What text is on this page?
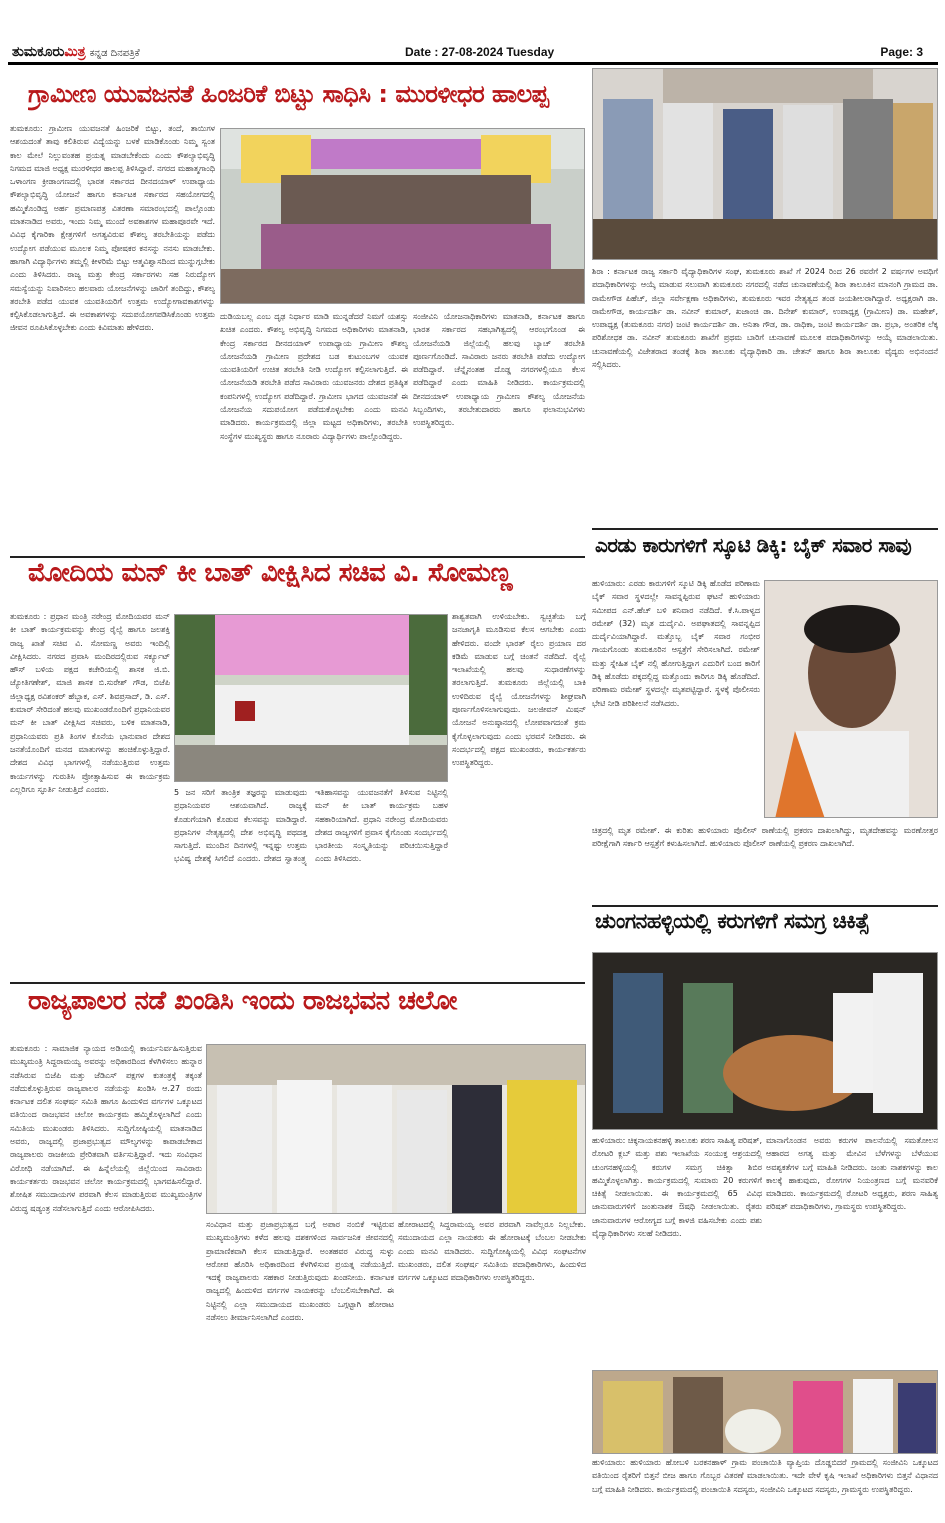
ತುಮಕೂರುಮಿತ್ರ ಕನ್ನಡ ದಿನಪತ್ರಿಕೆ	Date : 27-08-2024 Tuesday	Page: 3
ಗ್ರಾಮೀಣ ಯುವಜನತೆ ಹಿಂಜರಿಕೆ ಬಿಟ್ಟು ಸಾಧಿಸಿ : ಮುರಳೀಧರ ಹಾಲಪ್ಪ
ತುಮಕೂರು: ಗ್ರಾಮೀಣ ಯುವಜನತೆ ಹಿಂಜರಿಕೆ ಬಿಟ್ಟು, ತಂದೆ, ತಾಯಿಗಳ ಆಶಯದಂತೆ ತಾವು ಕಲಿತಿರುವ ವಿದ್ಯೆಯನ್ನು ಬಳಕೆ ಮಾಡಿಕೊಂಡು ನಿಮ್ಮ ಸ್ವಂತ ಕಾಲ ಮೇಲೆ ನಿಲ್ಲುವಂತಹ ಪ್ರಯತ್ನ ಮಾಡಬೇಕೆಂದು ಎಂದು ಕೌಶಲ್ಯಾಭಿವೃದ್ಧಿ ನಿಗಮದ ಮಾಜಿ ಅಧ್ಯಕ್ಷ ಮುರಳೀಧರ ಹಾಲಪ್ಪ ತಿಳಿಸಿದ್ದಾರೆ. ನಗರದ ಮಹಾತ್ಮಗಾಂಧಿ ಒಳಾಂಗಣ ಕ್ರೀಡಾಂಗಣದಲ್ಲಿ ಭಾರತ ಸರ್ಕಾರದ ದೀನದಯಾಳ್ ಉಪಾಧ್ಯಾಯ ಕೌಶಲ್ಯಾಭಿವೃದ್ಧಿ ಯೋಜನೆ ಹಾಗೂ ಕರ್ನಾಟಕ ಸರ್ಕಾರದ ಸಹಯೋಗದಲ್ಲಿ ಹಮ್ಮಿಕೊಂಡಿದ್ದ ಅರ್ಹ ಪ್ರಮಾಣಪತ್ರ ವಿತರಣಾ ಸಮಾರಂಭದಲ್ಲಿ ಪಾಲ್ಗೊಂಡು ಮಾತನಾಡಿದ ಅವರು, ಇಂದು ನಿಮ್ಮ ಮುಂದೆ ಅವಕಾಶಗಳ ಮಹಾಪೂರವೇ ಇದೆ. ವಿವಿಧ ಕೈಗಾರಿಕಾ ಕ್ಷೇತ್ರಗಳಿಗೆ ಅಗತ್ಯವಿರುವ ಕೌಶಲ್ಯ ತರಬೇತಿಯನ್ನು ಪಡೆದು ಉದ್ಯೋಗ ಪಡೆಯುವ ಮೂಲಕ ನಿಮ್ಮ ಪೋಷಕರ ಕನಸನ್ನು ನನಸು ಮಾಡಬೇಕು. ಹಾಗಾಗಿ ವಿದ್ಯಾರ್ಥಿಗಳು ತಮ್ಮಲ್ಲಿ ಕೀಳರಿಮೆ ಬಿಟ್ಟು ಆತ್ಮವಿಶ್ವಾಸದಿಂದ ಮುನ್ನುಗ್ಗಬೇಕು ಎಂದು ತಿಳಿಸಿದರು. ರಾಜ್ಯ ಮತ್ತು ಕೇಂದ್ರ ಸರ್ಕಾರಗಳು ಸಹ ನಿರುದ್ಯೋಗ ಸಮಸ್ಯೆಯನ್ನು ನಿವಾರಿಸಲು ಹಲವಾರು ಯೋಜನೆಗಳನ್ನು ಜಾರಿಗೆ ತಂದಿದ್ದು, ಕೌಶಲ್ಯ ತರಬೇತಿ ಪಡೆದ ಯುವಕ ಯುವತಿಯರಿಗೆ ಉತ್ತಮ ಉದ್ಯೋಗಾವಕಾಶಗಳನ್ನು ಕಲ್ಪಿಸಿಕೊಡಲಾಗುತ್ತಿದೆ. ಈ ಅವಕಾಶಗಳನ್ನು ಸದುಪಯೋಗಪಡಿಸಿಕೊಂಡು ಉತ್ತಮ ಜೀವನ ರೂಪಿಸಿಕೊಳ್ಳಬೇಕು ಎಂದು ಕಿವಿಮಾತು ಹೇಳಿದರು.
ದುಡಿಯಬಲ್ಲ ಎಂಬ ದೃಢ ನಿರ್ಧಾರ ಮಾಡಿ ಮುನ್ನಡೆದರೆ ನಿಮಗೆ ಯಶಸ್ಸು ಖಚಿತ ಎಂದರು. ಕೌಶಲ್ಯ ಅಭಿವೃದ್ಧಿ ನಿಗಮದ ಅಧಿಕಾರಿಗಳು ಮಾತನಾಡಿ, ಕೇಂದ್ರ ಸರ್ಕಾರದ ದೀನದಯಾಳ್ ಉಪಾಧ್ಯಾಯ ಗ್ರಾಮೀಣ ಕೌಶಲ್ಯ ಯೋಜನೆಯಡಿ ಗ್ರಾಮೀಣ ಪ್ರದೇಶದ ಬಡ ಕುಟುಂಬಗಳ ಯುವಕ ಯುವತಿಯರಿಗೆ ಉಚಿತ ತರಬೇತಿ ನೀಡಿ ಉದ್ಯೋಗ ಕಲ್ಪಿಸಲಾಗುತ್ತಿದೆ. ಈ ಯೋಜನೆಯಡಿ ತರಬೇತಿ ಪಡೆದ ಸಾವಿರಾರು ಯುವಜನರು ದೇಶದ ಪ್ರತಿಷ್ಠಿತ ಕಂಪನಿಗಳಲ್ಲಿ ಉದ್ಯೋಗ ಪಡೆದಿದ್ದಾರೆ. ಗ್ರಾಮೀಣ ಭಾಗದ ಯುವಜನತೆ ಈ ಯೋಜನೆಯ ಸದುಪಯೋಗ ಪಡೆದುಕೊಳ್ಳಬೇಕು ಎಂದು ಮನವಿ ಮಾಡಿದರು. ಕಾರ್ಯಕ್ರಮದಲ್ಲಿ ಜಿಲ್ಲಾ ಮಟ್ಟದ ಅಧಿಕಾರಿಗಳು, ತರಬೇತಿ ಸಂಸ್ಥೆಗಳ ಮುಖ್ಯಸ್ಥರು ಹಾಗೂ ನೂರಾರು ವಿದ್ಯಾರ್ಥಿಗಳು ಪಾಲ್ಗೊಂಡಿದ್ದರು.
ಸಂಜೀವಿನಿ ಯೋಜನಾಧಿಕಾರಿಗಳು ಮಾತನಾಡಿ, ಕರ್ನಾಟಕ ಹಾಗೂ ಭಾರತ ಸರ್ಕಾರದ ಸಹಭಾಗಿತ್ವದಲ್ಲಿ ಆರಂಭಗೊಂಡ ಈ ಯೋಜನೆಯಡಿ ಜಿಲ್ಲೆಯಲ್ಲಿ ಹಲವು ಬ್ಯಾಚ್ ತರಬೇತಿ ಪೂರ್ಣಗೊಂಡಿದೆ. ಸಾವಿರಾರು ಜನರು ತರಬೇತಿ ಪಡೆದು ಉದ್ಯೋಗ ಪಡೆದಿದ್ದಾರೆ. ಚೆನ್ನೈನಂತಹ ದೊಡ್ಡ ನಗರಗಳಲ್ಲಿಯೂ ಕೆಲಸ ಪಡೆದಿದ್ದಾರೆ ಎಂದು ಮಾಹಿತಿ ನೀಡಿದರು. ಕಾರ್ಯಕ್ರಮದಲ್ಲಿ ದೀನದಯಾಳ್ ಉಪಾಧ್ಯಾಯ ಗ್ರಾಮೀಣ ಕೌಶಲ್ಯ ಯೋಜನೆಯ ಸಿಬ್ಬಂದಿಗಳು, ತರಬೇತುದಾರರು ಹಾಗೂ ಫಲಾನುಭವಿಗಳು ಉಪಸ್ಥಿತರಿದ್ದರು.
ಶಿರಾ : ಕರ್ನಾಟಕ ರಾಜ್ಯ ಸರ್ಕಾರಿ ವೈದ್ಯಾಧಿಕಾರಿಗಳ ಸಂಘ, ತುಮಕೂರು ಶಾಖೆ ಗೆ 2024 ರಿಂದ 26 ರವರೆಗೆ 2 ವರ್ಷಗಳ ಅವಧಿಗೆ ಪದಾಧಿಕಾರಿಗಳನ್ನು ಆಯ್ಕೆ ಮಾಡುವ ಸಲುವಾಗಿ ತುಮಕೂರು ನಗರದಲ್ಲಿ ನಡೆದ ಚುನಾವಣೆಯಲ್ಲಿ ಶಿರಾ ತಾಲೂಕಿನ ಮಾನಂಗಿ ಗ್ರಾಮದ ಡಾ. ರಾಮೇಗೌಡ ಪಿಹೆಚ್, ಜಿಲ್ಲಾ ಸರ್ವೇಕ್ಷಣಾ ಅಧಿಕಾರಿಗಳು, ತುಮಕೂರು ಇವರ ನೇತೃತ್ವದ ತಂಡ ಜಯಶೀಲರಾಗಿದ್ದಾರೆ. ಅಧ್ಯಕ್ಷರಾಗಿ ಡಾ. ರಾಮೇಗೌಡ, ಕಾರ್ಯದರ್ಶಿ ಡಾ. ನವೀನ್ ಕುಮಾರ್, ಖಜಾಂಚಿ ಡಾ. ದಿನೇಶ್ ಕುಮಾರ್, ಉಪಾಧ್ಯಕ್ಷ (ಗ್ರಾಮೀಣ) ಡಾ. ಮಹೇಶ್, ಉಪಾಧ್ಯಕ್ಷ (ತುಮಕೂರು ನಗರ) ಜಂಟಿ ಕಾರ್ಯದರ್ಶಿ ಡಾ. ಅನಿತಾ ಗೌಡ, ಡಾ. ರಾಧಿಕಾ, ಜಂಟಿ ಕಾರ್ಯದರ್ಶಿ ಡಾ. ಪ್ರಭಾ, ಅಂತರಿಕ ಲೆಕ್ಕ ಪರಿಶೋಧಕ ಡಾ. ನವೀನ್ ತುಮಕೂರು ಶಾಖೆಗೆ ಪ್ರಥಮ ಬಾರಿಗೆ ಚುನಾವಣೆ ಮೂಲಕ ಪದಾಧಿಕಾರಿಗಳನ್ನು ಆಯ್ಕೆ ಮಾಡಲಾಯಿತು. ಚುನಾವಣೆಯಲ್ಲಿ ವಿಜೇತರಾದ ತಂಡಕ್ಕೆ ಶಿರಾ ತಾಲೂಕು ವೈದ್ಯಾಧಿಕಾರಿ ಡಾ. ಚೇತನ್ ಹಾಗೂ ಶಿರಾ ತಾಲೂಕು ವೈದ್ಯರು ಅಭಿನಂದನೆ ಸಲ್ಲಿಸಿದರು.
ಎರಡು ಕಾರುಗಳಿಗೆ ಸ್ಕೂಟಿ ಡಿಕ್ಕಿ: ಬೈಕ್ ಸವಾರ ಸಾವು
ಹುಳಿಯಾರು: ಎರಡು ಕಾರುಗಳಿಗೆ ಸ್ಕೂಟಿ ಡಿಕ್ಕಿ ಹೊಡೆದ ಪರಿಣಾಮ ಬೈಕ್ ಸವಾರ ಸ್ಥಳದಲ್ಲೇ ಸಾವನ್ನಪ್ಪಿರುವ ಘಟನೆ ಹುಳಿಯಾರು ಸಮೀಪದ ಎನ್.ಹೆಚ್ ಬಳಿ ಶನಿವಾರ ನಡೆದಿದೆ. ಕೆ.ಸಿ.ಪಾಳ್ಯದ ರಮೇಶ್ (32) ಮೃತ ದುರ್ದೈವಿ. ಅಪಘಾತದಲ್ಲಿ ಸಾವನ್ನಪ್ಪಿದ ದುರ್ದೈವಿಯಾಗಿದ್ದಾರೆ. ಮತ್ತೊಬ್ಬ ಬೈಕ್ ಸವಾರ ಗಂಭೀರ ಗಾಯಗೊಂಡು ತುಮಕೂರಿನ ಆಸ್ಪತ್ರೆಗೆ ಸೇರಿಸಲಾಗಿದೆ. ರಮೇಶ್ ಮತ್ತು ಸ್ನೇಹಿತ ಬೈಕ್ ನಲ್ಲಿ ಹೋಗುತ್ತಿದ್ದಾಗ ಎದುರಿಗೆ ಬಂದ ಕಾರಿಗೆ ಡಿಕ್ಕಿ ಹೊಡೆದು ಪಕ್ಕದಲ್ಲಿದ್ದ ಮತ್ತೊಂದು ಕಾರಿಗೂ ಡಿಕ್ಕಿ ಹೊಡೆದಿದೆ. ಪರಿಣಾಮ ರಮೇಶ್ ಸ್ಥಳದಲ್ಲೇ ಮೃತಪಟ್ಟಿದ್ದಾರೆ. ಸ್ಥಳಕ್ಕೆ ಪೊಲೀಸರು ಭೇಟಿ ನೀಡಿ ಪರಿಶೀಲನೆ ನಡೆಸಿದರು.
ಚಿತ್ರದಲ್ಲಿ ಮೃತ ರಮೇಶ್. ಈ ಕುರಿತು ಹುಳಿಯಾರು ಪೊಲೀಸ್ ಠಾಣೆಯಲ್ಲಿ ಪ್ರಕರಣ ದಾಖಲಾಗಿದ್ದು, ಮೃತದೇಹವನ್ನು ಮರಣೋತ್ತರ ಪರೀಕ್ಷೆಗಾಗಿ ಸರ್ಕಾರಿ ಆಸ್ಪತ್ರೆಗೆ ಕಳುಹಿಸಲಾಗಿದೆ. ಹುಳಿಯಾರು ಪೊಲೀಸ್ ಠಾಣೆಯಲ್ಲಿ ಪ್ರಕರಣ ದಾಖಲಾಗಿದೆ.
ಮೋದಿಯ ಮನ್ ಕೀ ಬಾತ್ ವೀಕ್ಷಿಸಿದ ಸಚಿವ ವಿ. ಸೋಮಣ್ಣ
ತುಮಕೂರು : ಪ್ರಧಾನ ಮಂತ್ರಿ ನರೇಂದ್ರ ಮೋದಿಯವರ ಮನ್ ಕೀ ಬಾತ್ ಕಾರ್ಯಕ್ರಮವನ್ನು ಕೇಂದ್ರ ರೈಲ್ವೆ ಹಾಗೂ ಜಲಶಕ್ತಿ ರಾಜ್ಯ ಖಾತೆ ಸಚಿವ ವಿ. ಸೋಮಣ್ಣ ಅವರು ಇಂದಿಲ್ಲಿ ವೀಕ್ಷಿಸಿದರು. ನಗರದ ಪ್ರವಾಸಿ ಮಂದಿರದಲ್ಲಿರುವ ಸರ್ಕ್ಯೂಟ್ ಹೌಸ್ ಬಳಿಯ ಪಕ್ಷದ ಕಚೇರಿಯಲ್ಲಿ ಶಾಸಕ ಜಿ.ಬಿ. ಜ್ಯೋತಿಗಣೇಶ್, ಮಾಜಿ ಶಾಸಕ ಬಿ.ಸುರೇಶ್ ಗೌಡ, ಬಿಜೆಪಿ ಜಿಲ್ಲಾಧ್ಯಕ್ಷ ರವಿಶಂಕರ್ ಹೆಬ್ಬಾಕ, ಎಸ್. ಶಿವಪ್ರಸಾದ್, ಡಿ. ಎಸ್. ಕುಮಾರ್ ಸೇರಿದಂತೆ ಹಲವು ಮುಖಂಡರೊಂದಿಗೆ ಪ್ರಧಾನಿಯವರ ಮನ್ ಕೀ ಬಾತ್ ವೀಕ್ಷಿಸಿದ ಸಚಿವರು, ಬಳಿಕ ಮಾತನಾಡಿ, ಪ್ರಧಾನಿಯವರು ಪ್ರತಿ ತಿಂಗಳ ಕೊನೆಯ ಭಾನುವಾರ ದೇಶದ ಜನತೆಯೊಂದಿಗೆ ಮನದ ಮಾತುಗಳನ್ನು ಹಂಚಿಕೊಳ್ಳುತ್ತಿದ್ದಾರೆ. ದೇಶದ ವಿವಿಧ ಭಾಗಗಳಲ್ಲಿ ನಡೆಯುತ್ತಿರುವ ಉತ್ತಮ ಕಾರ್ಯಗಳನ್ನು ಗುರುತಿಸಿ ಪ್ರೋತ್ಸಾಹಿಸುವ ಈ ಕಾರ್ಯಕ್ರಮ ಎಲ್ಲರಿಗೂ ಸ್ಫೂರ್ತಿ ನೀಡುತ್ತಿದೆ ಎಂದರು.	5 ಜನ ಸರಿಗೆ ತಾಂತ್ರಿಕ ತಜ್ಞರನ್ನು ಮಾಡುವುದು ಪ್ರಧಾನಿಯವರ ಆಶಯವಾಗಿದೆ. ರಾಜ್ಯಕ್ಕೆ ಕೊಡುಗೆಯಾಗಿ ಕೊಡುವ ಕೆಲಸವನ್ನು ಮಾಡಿದ್ದಾರೆ. ಪ್ರಧಾನಿಗಳ ನೇತೃತ್ವದಲ್ಲಿ ದೇಶ ಅಭಿವೃದ್ಧಿ ಪಥದತ್ತ ಸಾಗುತ್ತಿದೆ. ಮುಂದಿನ ದಿನಗಳಲ್ಲಿ ಇನ್ನಷ್ಟು ಉತ್ತಮ ಭವಿಷ್ಯ ದೇಶಕ್ಕೆ ಸಿಗಲಿದೆ ಎಂದರು. ದೇಶದ ಸ್ವಾತಂತ್ರ್ಯ ಇತಿಹಾಸವನ್ನು ಯುವಜನತೆಗೆ ತಿಳಿಸುವ ನಿಟ್ಟಿನಲ್ಲಿ ಮನ್ ಕೀ ಬಾತ್ ಕಾರ್ಯಕ್ರಮ ಬಹಳ ಸಹಕಾರಿಯಾಗಿದೆ. ಪ್ರಧಾನಿ ನರೇಂದ್ರ ಮೋದಿಯವರು ದೇಶದ ರಾಜ್ಯಗಳಿಗೆ ಪ್ರವಾಸ ಕೈಗೊಂಡು ಸಂದರ್ಭದಲ್ಲಿ ಭಾರತೀಯ ಸಂಸ್ಕೃತಿಯನ್ನು ಪರಿಚಯಿಸುತ್ತಿದ್ದಾರೆ ಎಂದು ತಿಳಿಸಿದರು.
ಶಾಶ್ವತವಾಗಿ ಉಳಿಯಬೇಕು. ಸ್ವಚ್ಛತೆಯ ಬಗ್ಗೆ ಜನಜಾಗೃತಿ ಮೂಡಿಸುವ ಕೆಲಸ ಆಗಬೇಕು ಎಂದು ಹೇಳಿದರು. ವಂದೇ ಭಾರತ್ ರೈಲು ಪ್ರಯಾಣ ದರ ಕಡಿಮೆ ಮಾಡುವ ಬಗ್ಗೆ ಚಿಂತನೆ ನಡೆದಿದೆ. ರೈಲ್ವೆ ಇಲಾಖೆಯಲ್ಲಿ ಹಲವು ಸುಧಾರಣೆಗಳನ್ನು ತರಲಾಗುತ್ತಿದೆ. ತುಮಕೂರು ಜಿಲ್ಲೆಯಲ್ಲಿ ಬಾಕಿ ಉಳಿದಿರುವ ರೈಲ್ವೆ ಯೋಜನೆಗಳನ್ನು ಶೀಘ್ರವಾಗಿ ಪೂರ್ಣಗೊಳಿಸಲಾಗುವುದು. ಜಲಜೀವನ್ ಮಿಷನ್ ಯೋಜನೆ ಅನುಷ್ಠಾನದಲ್ಲಿ ಲೋಪವಾಗದಂತೆ ಕ್ರಮ ಕೈಗೊಳ್ಳಲಾಗುವುದು ಎಂದು ಭರವಸೆ ನೀಡಿದರು. ಈ ಸಂದರ್ಭದಲ್ಲಿ ಪಕ್ಷದ ಮುಖಂಡರು, ಕಾರ್ಯಕರ್ತರು ಉಪಸ್ಥಿತರಿದ್ದರು.
ಚುಂಗನಹಳ್ಳಿಯಲ್ಲಿ ಕರುಗಳಿಗೆ ಸಮಗ್ರ ಚಿಕಿತ್ಸೆ
ಹುಳಿಯಾರು: ಚಿಕ್ಕನಾಯಕನಹಳ್ಳಿ ತಾಲೂಕು ಶರಣ ಸಾಹಿತ್ಯ ಪರಿಷತ್, ರೋಟರಿ ಕ್ಲಬ್ ಮತ್ತು ಪಶು ಇಲಾಖೆಯ ಸಂಯುಕ್ತ ಆಶ್ರಯದಲ್ಲಿ ಚುಂಗನಹಳ್ಳಿಯಲ್ಲಿ ಕರುಗಳ ಸಮಗ್ರ ಚಿಕಿತ್ಸಾ ಶಿಬಿರ ಹಮ್ಮಿಕೊಳ್ಳಲಾಗಿತ್ತು. ಕಾರ್ಯಕ್ರಮದಲ್ಲಿ ಸುಮಾರು 20 ಕರುಗಳಿಗೆ ಚಿಕಿತ್ಸೆ ನೀಡಲಾಯಿತು. ಈ ಕಾರ್ಯಕ್ರಮದಲ್ಲಿ 65 ವಿವಿಧ ಜಾನುವಾರುಗಳಿಗೆ ಜಂತುನಾಶಕ ಔಷಧಿ ನೀಡಲಾಯಿತು. ರೈತರು ಜಾನುವಾರುಗಳ ಆರೋಗ್ಯದ ಬಗ್ಗೆ ಕಾಳಜಿ ವಹಿಸಬೇಕು ಎಂದು ಪಶು ವೈದ್ಯಾಧಿಕಾರಿಗಳು ಸಲಹೆ ನೀಡಿದರು.
ಮಾನಾಗೊಂಡನ ಅವರು ಕರುಗಳ ಪಾಲನೆಯಲ್ಲಿ ಸಮತೋಲನ ಆಹಾರದ ಅಗತ್ಯ ಮತ್ತು ಮೇವಿನ ಬೆಳೆಗಳನ್ನು ಬೆಳೆಯುವ ಅವಶ್ಯಕತೆಗಳ ಬಗ್ಗೆ ಮಾಹಿತಿ ನೀಡಿದರು. ಜಂತು ನಾಶಕಗಳನ್ನು ಕಾಲ ಕಾಲಕ್ಕೆ ಹಾಕುವುದು, ರೋಗಗಳ ನಿಯಂತ್ರಣದ ಬಗ್ಗೆ ಮನವರಿಕೆ ಮಾಡಿದರು. ಕಾರ್ಯಕ್ರಮದಲ್ಲಿ ರೋಟರಿ ಅಧ್ಯಕ್ಷರು, ಶರಣ ಸಾಹಿತ್ಯ ಪರಿಷತ್ ಪದಾಧಿಕಾರಿಗಳು, ಗ್ರಾಮಸ್ಥರು ಉಪಸ್ಥಿತರಿದ್ದರು.
ಹುಳಿಯಾರು: ಹುಳಿಯಾರು ಹೋಬಳಿ ಬರಕನಹಾಳ್ ಗ್ರಾಮ ಪಂಚಾಯಿತಿ ವ್ಯಾಪ್ತಿಯ ದೊಡ್ಡಬಿದರೆ ಗ್ರಾಮದಲ್ಲಿ ಸಂಜೀವಿನಿ ಒಕ್ಕೂಟದ ವತಿಯಿಂದ ರೈತರಿಗೆ ಬಿತ್ತನೆ ಬೀಜ ಹಾಗೂ ಗೊಬ್ಬರ ವಿತರಣೆ ಮಾಡಲಾಯಿತು. ಇದೇ ವೇಳೆ ಕೃಷಿ ಇಲಾಖೆ ಅಧಿಕಾರಿಗಳು ಬಿತ್ತನೆ ವಿಧಾನದ ಬಗ್ಗೆ ಮಾಹಿತಿ ನೀಡಿದರು. ಕಾರ್ಯಕ್ರಮದಲ್ಲಿ ಪಂಚಾಯಿತಿ ಸದಸ್ಯರು, ಸಂಜೀವಿನಿ ಒಕ್ಕೂಟದ ಸದಸ್ಯರು, ಗ್ರಾಮಸ್ಥರು ಉಪಸ್ಥಿತರಿದ್ದರು.
ರಾಜ್ಯಪಾಲರ ನಡೆ ಖಂಡಿಸಿ ಇಂದು ರಾಜಭವನ ಚಲೋ
ತುಮಕೂರು : ಸಾಮಾಜಿಕ ನ್ಯಾಯದ ಅಡಿಯಲ್ಲಿ ಕಾರ್ಯನಿರ್ವಹಿಸುತ್ತಿರುವ ಮುಖ್ಯಮಂತ್ರಿ ಸಿದ್ದರಾಮಯ್ಯ ಅವರನ್ನು ಅಧಿಕಾರದಿಂದ ಕೆಳಗಿಳಿಸಲು ಹುನ್ನಾರ ನಡೆಸಿರುವ ಬಿಜೆಪಿ ಮತ್ತು ಜೆಡಿಎಸ್ ಪಕ್ಷಗಳ ಕುತಂತ್ರಕ್ಕೆ ತಕ್ಕಂತೆ ನಡೆದುಕೊಳ್ಳುತ್ತಿರುವ ರಾಜ್ಯಪಾಲರ ನಡೆಯನ್ನು ಖಂಡಿಸಿ ಆ.27 ರಂದು ಕರ್ನಾಟಕ ದಲಿತ ಸಂಘರ್ಷ ಸಮಿತಿ ಹಾಗೂ ಹಿಂದುಳಿದ ವರ್ಗಗಳ ಒಕ್ಕೂಟದ ವತಿಯಿಂದ ರಾಜಭವನ ಚಲೋ ಕಾರ್ಯಕ್ರಮ ಹಮ್ಮಿಕೊಳ್ಳಲಾಗಿದೆ ಎಂದು ಸಮಿತಿಯ ಮುಖಂಡರು ತಿಳಿಸಿದರು. ಸುದ್ದಿಗೋಷ್ಠಿಯಲ್ಲಿ ಮಾತನಾಡಿದ ಅವರು, ರಾಜ್ಯದಲ್ಲಿ ಪ್ರಜಾಪ್ರಭುತ್ವದ ಮೌಲ್ಯಗಳನ್ನು ಕಾಪಾಡಬೇಕಾದ ರಾಜ್ಯಪಾಲರು ರಾಜಕೀಯ ಪ್ರೇರಿತವಾಗಿ ವರ್ತಿಸುತ್ತಿದ್ದಾರೆ. ಇದು ಸಂವಿಧಾನ ವಿರೋಧಿ ನಡೆಯಾಗಿದೆ. ಈ ಹಿನ್ನೆಲೆಯಲ್ಲಿ ಜಿಲ್ಲೆಯಿಂದ ಸಾವಿರಾರು ಕಾರ್ಯಕರ್ತರು ರಾಜಭವನ ಚಲೋ ಕಾರ್ಯಕ್ರಮದಲ್ಲಿ ಭಾಗವಹಿಸಲಿದ್ದಾರೆ. ಶೋಷಿತ ಸಮುದಾಯಗಳ ಪರವಾಗಿ ಕೆಲಸ ಮಾಡುತ್ತಿರುವ ಮುಖ್ಯಮಂತ್ರಿಗಳ ವಿರುದ್ಧ ಷಡ್ಯಂತ್ರ ನಡೆಸಲಾಗುತ್ತಿದೆ ಎಂದು ಆರೋಪಿಸಿದರು.
ಸಂವಿಧಾನ ಮತ್ತು ಪ್ರಜಾಪ್ರಭುತ್ವದ ಬಗ್ಗೆ ಅಪಾರ ನಂಬಿಕೆ ಇಟ್ಟಿರುವ ಮುಖ್ಯಮಂತ್ರಿಗಳು ಕಳೆದ ಹಲವು ದಶಕಗಳಿಂದ ಸಾರ್ವಜನಿಕ ಜೀವನದಲ್ಲಿ ಪ್ರಾಮಾಣಿಕವಾಗಿ ಕೆಲಸ ಮಾಡುತ್ತಿದ್ದಾರೆ. ಅಂತಹವರ ವಿರುದ್ಧ ಸುಳ್ಳು ಆರೋಪ ಹೊರಿಸಿ ಅಧಿಕಾರದಿಂದ ಕೆಳಗಿಳಿಸುವ ಪ್ರಯತ್ನ ನಡೆಯುತ್ತಿದೆ. ಇದಕ್ಕೆ ರಾಜ್ಯಪಾಲರು ಸಹಕಾರ ನೀಡುತ್ತಿರುವುದು ಖಂಡನೀಯ. ಕರ್ನಾಟಕ ರಾಜ್ಯದಲ್ಲಿ ಹಿಂದುಳಿದ ವರ್ಗಗಳ ನಾಯಕರನ್ನು ಬೆಂಬಲಿಸಬೇಕಾಗಿದೆ. ಈ ನಿಟ್ಟಿನಲ್ಲಿ ಎಲ್ಲಾ ಸಮುದಾಯದ ಮುಖಂಡರು ಒಗ್ಗಟ್ಟಾಗಿ ಹೋರಾಟ ನಡೆಸಲು ತೀರ್ಮಾನಿಸಲಾಗಿದೆ ಎಂದರು.
ಹೋರಾಟದಲ್ಲಿ ಸಿದ್ದರಾಮಯ್ಯ ಅವರ ಪರವಾಗಿ ನಾವೆಲ್ಲರೂ ನಿಲ್ಲಬೇಕು. ಸಮುದಾಯದ ಎಲ್ಲಾ ನಾಯಕರು ಈ ಹೋರಾಟಕ್ಕೆ ಬೆಂಬಲ ನೀಡಬೇಕು ಎಂದು ಮನವಿ ಮಾಡಿದರು. ಸುದ್ದಿಗೋಷ್ಠಿಯಲ್ಲಿ ವಿವಿಧ ಸಂಘಟನೆಗಳ ಮುಖಂಡರು, ದಲಿತ ಸಂಘರ್ಷ ಸಮಿತಿಯ ಪದಾಧಿಕಾರಿಗಳು, ಹಿಂದುಳಿದ ವರ್ಗಗಳ ಒಕ್ಕೂಟದ ಪದಾಧಿಕಾರಿಗಳು ಉಪಸ್ಥಿತರಿದ್ದರು.
